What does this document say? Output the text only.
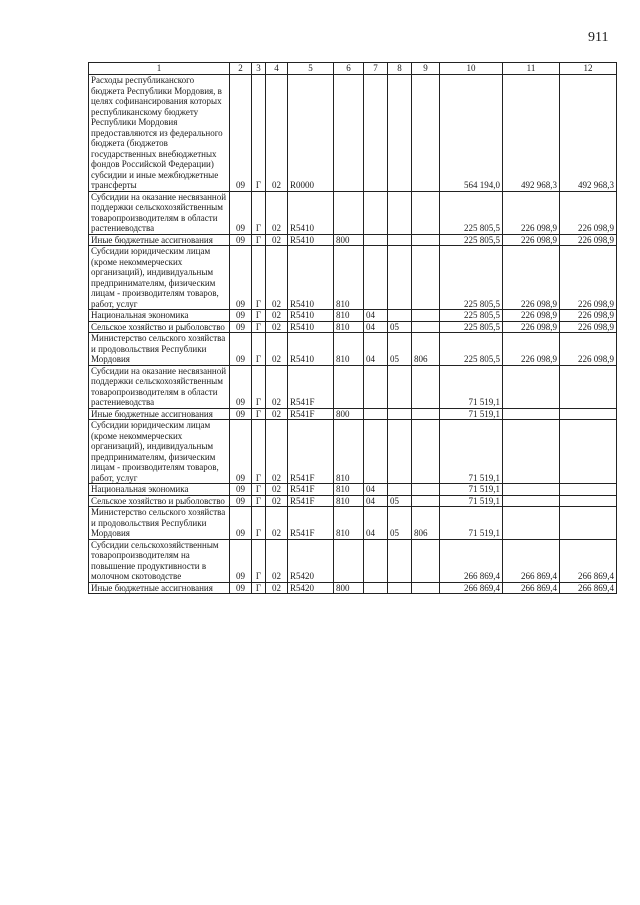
911
1	2	3	4	5	6	7	8	9	10	11	12
Расходы республиканского бюджета Республики Мордовия, в целях софинансирования которых республиканскому бюджету Республики Мордовия предоставляются из федерального бюджета (бюджетов государственных внебюджетных фондов Российской Федерации) субсидии и иные межбюджетные трансферты	09	Г	02	R0000					564 194,0	492 968,3	492 968,3
Субсидии на оказание несвязанной поддержки сельскохозяйственным товаропроизводителям в области растениеводства	09	Г	02	R5410					225 805,5	226 098,9	226 098,9
Иные бюджетные ассигнования	09	Г	02	R5410	800				225 805,5	226 098,9	226 098,9
Субсидии юридическим лицам (кроме некоммерческих организаций), индивидуальным предпринимателям, физическим лицам - производителям товаров, работ, услуг	09	Г	02	R5410	810				225 805,5	226 098,9	226 098,9
Национальная экономика	09	Г	02	R5410	810	04			225 805,5	226 098,9	226 098,9
Сельское хозяйство и рыболовство	09	Г	02	R5410	810	04	05		225 805,5	226 098,9	226 098,9
Министерство сельского хозяйства и продовольствия Республики Мордовия	09	Г	02	R5410	810	04	05	806	225 805,5	226 098,9	226 098,9
Субсидии на оказание несвязанной поддержки сельскохозяйственным товаропроизводителям в области растениеводства	09	Г	02	R541F					71 519,1		
Иные бюджетные ассигнования	09	Г	02	R541F	800				71 519,1		
Субсидии юридическим лицам (кроме некоммерческих организаций), индивидуальным предпринимателям, физическим лицам - производителям товаров, работ, услуг	09	Г	02	R541F	810				71 519,1		
Национальная экономика	09	Г	02	R541F	810	04			71 519,1		
Сельское хозяйство и рыболовство	09	Г	02	R541F	810	04	05		71 519,1		
Министерство сельского хозяйства и продовольствия Республики Мордовия	09	Г	02	R541F	810	04	05	806	71 519,1		
Субсидии сельскохозяйственным товаропроизводителям на повышение продуктивности в молочном скотоводстве	09	Г	02	R5420					266 869,4	266 869,4	266 869,4
Иные бюджетные ассигнования	09	Г	02	R5420	800				266 869,4	266 869,4	266 869,4
